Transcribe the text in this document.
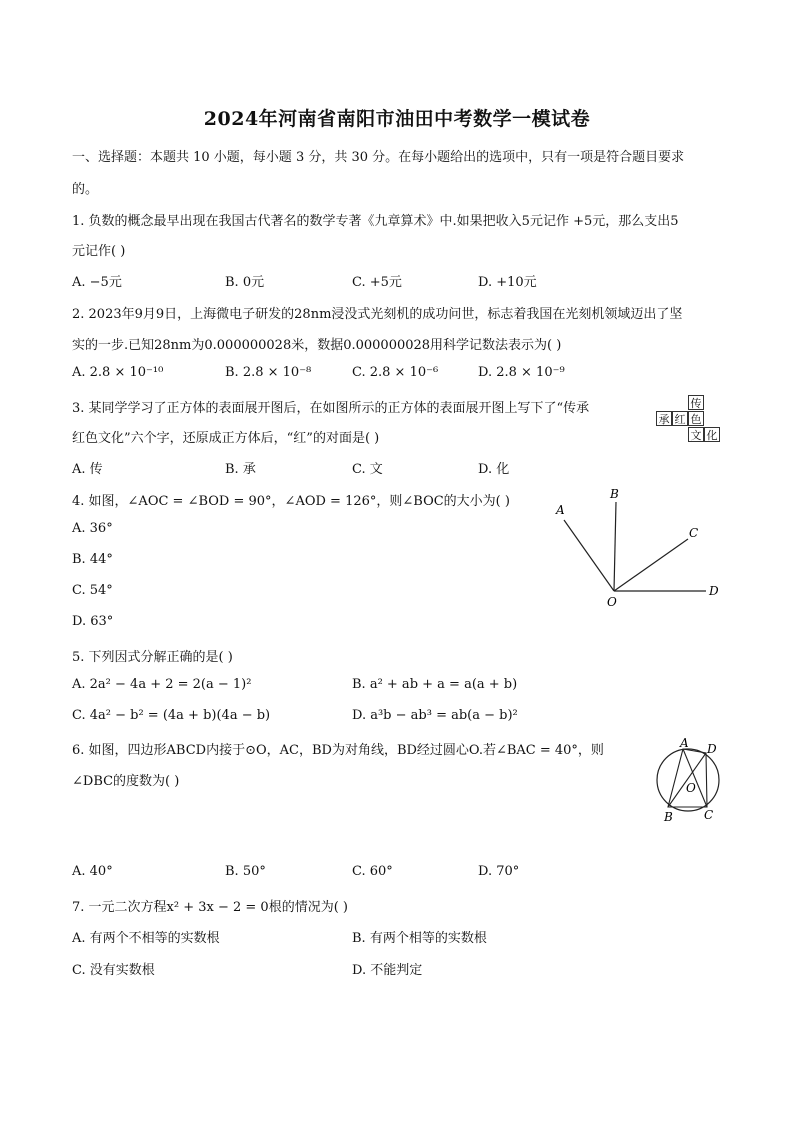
2024年河南省南阳市油田中考数学一模试卷
一、选择题：本题共 10 小题，每小题 3 分，共 30 分。在每小题给出的选项中，只有一项是符合题目要求
的。
1. 负数的概念最早出现在我国古代著名的数学专著《九章算术》中.如果把收入5元记作 +5元，那么支出5
元记作( )
A. −5元	B. 0元	C. +5元	D. +10元
2. 2023年9月9日，上海微电子研发的28nm浸没式光刻机的成功问世，标志着我国在光刻机领域迈出了坚
实的一步.已知28nm为0.000000028米，数据0.000000028用科学记数法表示为( )
A. 2.8 × 10⁻¹⁰	B. 2.8 × 10⁻⁸	C. 2.8 × 10⁻⁶	D. 2.8 × 10⁻⁹
3. 某同学学习了正方体的表面展开图后，在如图所示的正方体的表面展开图上写下了“传承
红色文化”六个字，还原成正方体后，“红”的对面是( )
A. 传	B. 承	C. 文	D. 化
传
承 红 色
文 化
4. 如图，∠AOC = ∠BOD = 90°，∠AOD = 126°，则∠BOC的大小为( )
A. 36°
B. 44°
C. 54°
D. 63°
A
B
C
D
O
5. 下列因式分解正确的是( )
A. 2a² − 4a + 2 = 2(a − 1)²	B. a² + ab + a = a(a + b)
C. 4a² − b² = (4a + b)(4a − b)	D. a³b − ab³ = ab(a − b)²
6. 如图，四边形ABCD内接于⊙O，AC，BD为对角线，BD经过圆心O.若∠BAC = 40°，则
∠DBC的度数为( )
A. 40°	B. 50°	C. 60°	D. 70°
A D
O
B	C
7. 一元二次方程x² + 3x − 2 = 0根的情况为( )
A. 有两个不相等的实数根	B. 有两个相等的实数根
C. 没有实数根	D. 不能判定
